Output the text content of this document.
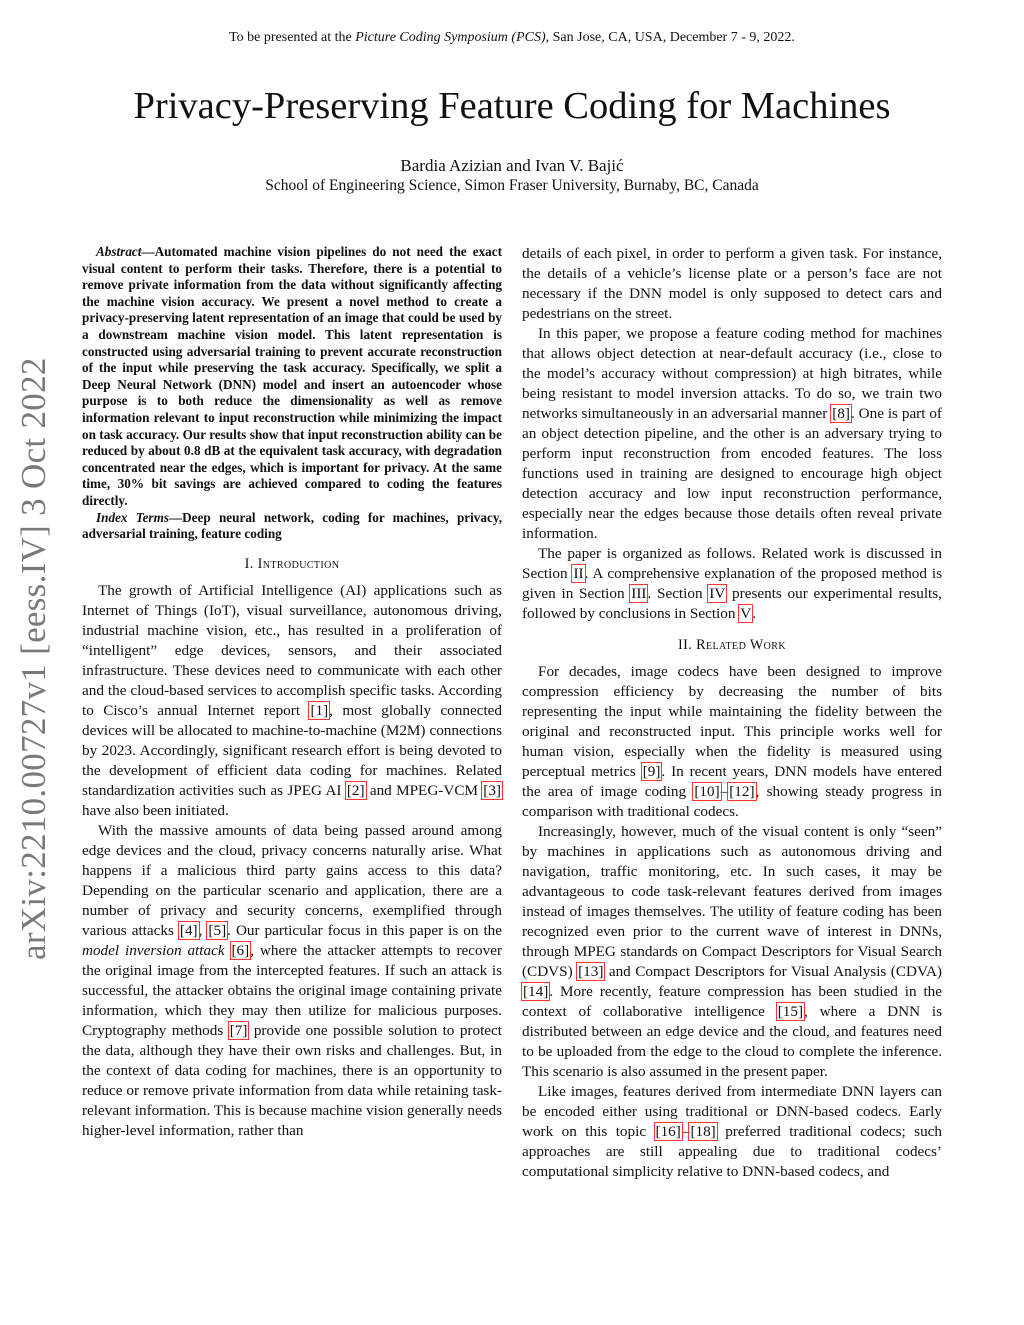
To be presented at the Picture Coding Symposium (PCS), San Jose, CA, USA, December 7 - 9, 2022.
arXiv:2210.00727v1 [eess.IV] 3 Oct 2022
Privacy-Preserving Feature Coding for Machines
Bardia Azizian and Ivan V. Bajić
School of Engineering Science, Simon Fraser University, Burnaby, BC, Canada

Abstract—Automated machine vision pipelines do not need the exact visual content to perform their tasks. Therefore, there is a potential to remove private information from the data without significantly affecting the machine vision accuracy. We present a novel method to create a privacy-preserving latent representation of an image that could be used by a downstream machine vision model. This latent representation is constructed using adversarial training to prevent accurate reconstruction of the input while preserving the task accuracy. Specifically, we split a Deep Neural Network (DNN) model and insert an autoencoder whose purpose is to both reduce the dimensionality as well as remove information relevant to input reconstruction while minimizing the impact on task accuracy. Our results show that input reconstruction ability can be reduced by about 0.8 dB at the equivalent task accuracy, with degradation concentrated near the edges, which is important for privacy. At the same time, 30% bit savings are achieved compared to coding the features directly.

Index Terms—Deep neural network, coding for machines, privacy, adversarial training, feature coding

I. Introduction

The growth of Artificial Intelligence (AI) applications such as Internet of Things (IoT), visual surveillance, autonomous driving, industrial machine vision, etc., has resulted in a proliferation of “intelligent” edge devices, sensors, and their associated infrastructure. These devices need to communicate with each other and the cloud-based services to accomplish specific tasks. According to Cisco’s annual Internet report [1], most globally connected devices will be allocated to machine-to-machine (M2M) connections by 2023. Accordingly, significant research effort is being devoted to the development of efficient data coding for machines. Related standardization activities such as JPEG AI [2] and MPEG-VCM [3] have also been initiated.

With the massive amounts of data being passed around among edge devices and the cloud, privacy concerns naturally arise. What happens if a malicious third party gains access to this data? Depending on the particular scenario and application, there are a number of privacy and security concerns, exemplified through various attacks [4], [5]. Our particular focus in this paper is on the model inversion attack [6], where the attacker attempts to recover the original image from the intercepted features. If such an attack is successful, the attacker obtains the original image containing private information, which they may then utilize for malicious purposes. Cryptography methods [7] provide one possible solution to protect the data, although they have their own risks and challenges. But, in the context of data coding for machines, there is an opportunity to reduce or remove private information from data while retaining task-relevant information. This is because machine vision generally needs higher-level information, rather than

details of each pixel, in order to perform a given task. For instance, the details of a vehicle’s license plate or a person’s face are not necessary if the DNN model is only supposed to detect cars and pedestrians on the street.

In this paper, we propose a feature coding method for machines that allows object detection at near-default accuracy (i.e., close to the model’s accuracy without compression) at high bitrates, while being resistant to model inversion attacks. To do so, we train two networks simultaneously in an adversarial manner [8]. One is part of an object detection pipeline, and the other is an adversary trying to perform input reconstruction from encoded features. The loss functions used in training are designed to encourage high object detection accuracy and low input reconstruction performance, especially near the edges because those details often reveal private information.

The paper is organized as follows. Related work is discussed in Section II. A comprehensive explanation of the proposed method is given in Section III. Section IV presents our experimental results, followed by conclusions in Section V.

II. Related Work

For decades, image codecs have been designed to improve compression efficiency by decreasing the number of bits representing the input while maintaining the fidelity between the original and reconstructed input. This principle works well for human vision, especially when the fidelity is measured using perceptual metrics [9]. In recent years, DNN models have entered the area of image coding [10]–[12], showing steady progress in comparison with traditional codecs.

Increasingly, however, much of the visual content is only “seen” by machines in applications such as autonomous driving and navigation, traffic monitoring, etc. In such cases, it may be advantageous to code task-relevant features derived from images instead of images themselves. The utility of feature coding has been recognized even prior to the current wave of interest in DNNs, through MPEG standards on Compact Descriptors for Visual Search (CDVS) [13] and Compact Descriptors for Visual Analysis (CDVA) [14]. More recently, feature compression has been studied in the context of collaborative intelligence [15], where a DNN is distributed between an edge device and the cloud, and features need to be uploaded from the edge to the cloud to complete the inference. This scenario is also assumed in the present paper.

Like images, features derived from intermediate DNN layers can be encoded either using traditional or DNN-based codecs. Early work on this topic [16]–[18] preferred traditional codecs; such approaches are still appealing due to traditional codecs’ computational simplicity relative to DNN-based codecs, and
